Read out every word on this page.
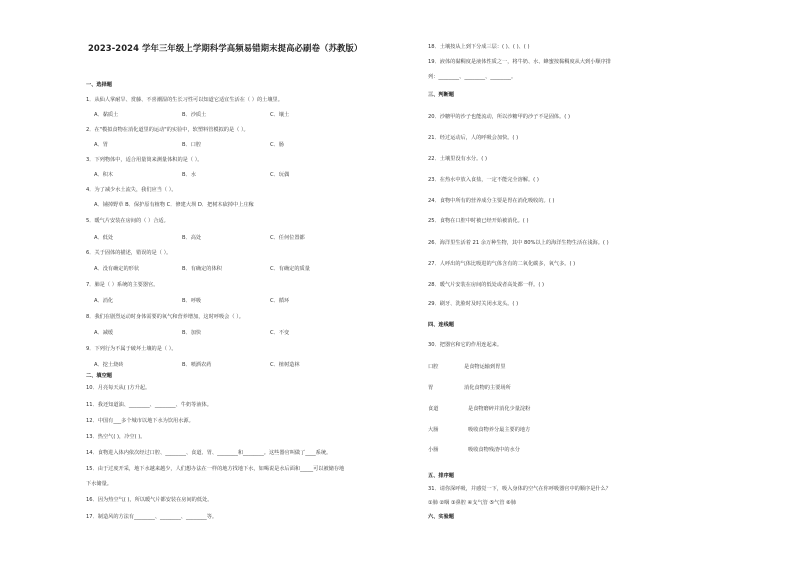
2023-2024 学年三年级上学期科学高频易错期末提高必刷卷（苏教版）
一、选择题
1．从仙人掌耐旱、赏藤、不喜潮湿的生长习性可以知道它适宜生活在（ ）的土壤里。
A．黏质土	B．沙质土	C．壤土
2．在"模拟食物在消化道里的运动"的实验中，软塑料管模拟的是（ ）。
A．胃	B．口腔	C．肠
3．下列物体中，适合用量筒来测量体积的是（ ）。
A．积木	B．水	C．玩偶
4．为了减少水土流失，我们应当（ ）。
A．铺掉野草 B．保护原有植物 C．修建大坝 D．把树木砍掉中上庄稼
5．暖气片安装在房间的（ ）合适。
A．低处	B．高处	C．任何位置都
6．关于固体的描述，错误的是（ ）。
A．没有确定的形状	B．有确定的体积	C．有确定的质量
7．肺是（ ）系统的主要器官。
A．消化	B．呼吸	C．循环
8．我们在剧烈运动时身体需要的氧气和营养增加，这时呼吸会（ ）。
A．减缓	B．加快	C．不变
9．下列行为不属于破坏土壤的是（ ）。
A．挖土烧砖	B．喷洒农药	C．植树造林
二、填空题
10．月亮每天从( )方升起。
11．我还知道油、________、________、牛奶等液体。
12．中国有___多个城市以地下水为饮用水源。
13．热空气( )，冷空( )。
14．食物进入体内依次经过口腔、________、食道、胃、________和________。这些器官叫做了____系统。
15．由于过度开采，地下水越来越少，人们想办法在一样的地方找地下水，如喝说是水后面和_____可以被储存地
下水储量。
16．因为热空气( )，所以暖气片都安装在房间的低处。
17．制造风的方法有________、________、________等。
18．土壤按从上到下分成三层：( )、( )、( )
19．液体的黏稠度是液体性质之一，将牛奶、水、蜂蜜按黏稠度从大到小顺序排
列：________、________、________。
三、判断题
20．沙糖甲的沙子也能流动，所以沙糖甲的沙子不是固体。( )
21．经过运动后，人的呼吸会加快。( )
22．土壤里没有水分。( )
23．在热水中放入食盐，一定不能完全溶解。( )
24．食物中所有的营养成分主要是胃在消化吸收的。( )
25．食物在口腔中时被已经开始被消化。( )
26．海洋里生活着 21 余万种生物，其中 80%以上的海洋生物生活在浅海。( )
27．人呼出的气体比吸进的气体含有的二氧化碳多，氧气多。( )
28．暖气片安装在房间的低处或者高处都一样。( )
29．刷牙、洗脸时及时关闭水龙头。( )
四、连线题
30．把器官和它的作用连起来。
口腔	是食物运输到胃里
胃	消化食物的主要场所
食道	是食物磨碎并消化少量淀粉
大肠	吸收食物养分最主要的地方
小肠	吸收食物残渣中的水分
五、排序题
31．请你深呼吸，并感觉一下，吸入身体的空气在你呼吸器官中的顺序是什么？
①肺 ②咽 ③鼻腔 ④支气管 ⑤气管 ⑥肺
六、实验题
